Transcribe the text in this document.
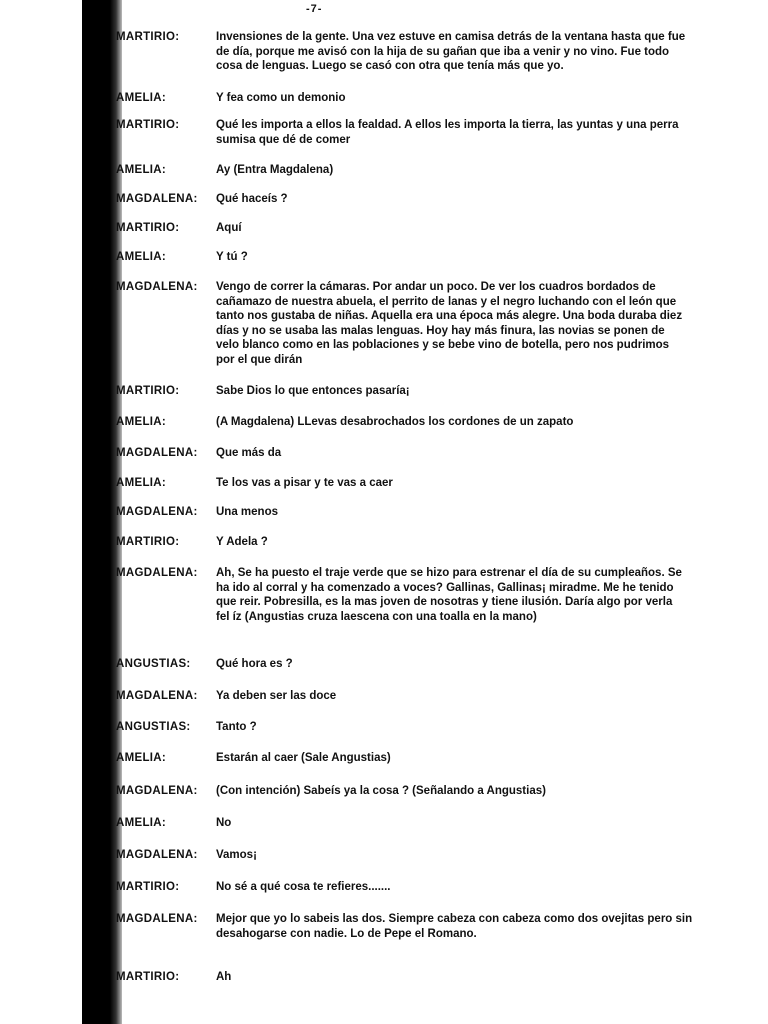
-7-
MARTIRIO:	Invensiones de la gente. Una vez estuve en camisa detrás de la ventana hasta que fue de día, porque me avisó con la hija de su gañan que iba a venir y no vino. Fue todo cosa de lenguas. Luego se casó con otra que tenía más que yo.
AMELIA:	Y fea como un demonio
MARTIRIO:	Qué les importa a ellos la fealdad. A ellos les importa la tierra, las yuntas y una perra sumisa que dé de comer
AMELIA:	Ay (Entra Magdalena)
MAGDALENA:	Qué haceís ?
MARTIRIO:	Aquí
AMELIA:	Y tú ?
MAGDALENA:	Vengo de correr la cámaras. Por andar un poco. De ver los cuadros bordados de cañamazo de nuestra abuela, el perrito de lanas y el negro luchando con el león que tanto nos gustaba de niñas. Aquella era una época más alegre. Una boda duraba diez días y no se usaba las malas lenguas. Hoy hay más finura, las novias se ponen de velo blanco como en las poblaciones y se bebe vino de botella, pero nos pudrimos por el que dirán
MARTIRIO:	Sabe Dios lo que entonces pasaría¡
AMELIA:	(A Magdalena) LLevas desabrochados los cordones de un zapato
MAGDALENA:	Que más da
AMELIA:	Te los vas a pisar y te vas a caer
MAGDALENA:	Una menos
MARTIRIO:	Y Adela ?
MAGDALENA:	Ah, Se ha puesto el traje verde que se hizo para estrenar el día de su cumpleaños. Se ha ido al corral y ha comenzado a voces? Gallinas, Gallinas¡ miradme. Me he tenido que reir. Pobresilla, es la mas joven de nosotras y tiene ilusión. Daría algo por verla fel íz (Angustias cruza laescena con una toalla en la mano)
ANGUSTIAS:	Qué hora es ?
MAGDALENA:	Ya deben ser las doce
ANGUSTIAS:	Tanto ?
AMELIA:	Estarán al caer (Sale Angustias)
MAGDALENA:	(Con intención) Sabeís ya la cosa ? (Señalando a Angustias)
AMELIA:	No
MAGDALENA:	Vamos¡
MARTIRIO:	No sé a qué cosa te refieres.......
MAGDALENA:	Mejor que yo lo sabeis las dos. Siempre cabeza con cabeza como dos ovejitas pero sin desahogarse con nadie. Lo de Pepe el Romano.
MARTIRIO:	Ah
